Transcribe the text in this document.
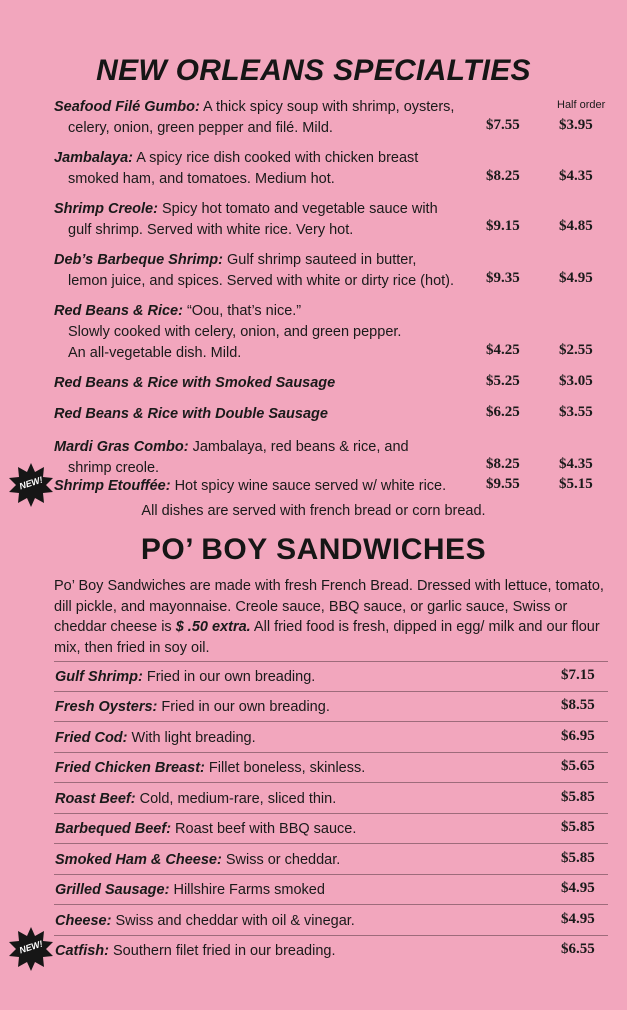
NEW ORLEANS SPECIALTIES
Half order
Seafood Filé Gumbo: A thick spicy soup with shrimp, oysters,
celery, onion, green pepper and filé. Mild.	$7.55	$3.95
Jambalaya: A spicy rice dish cooked with chicken breast
smoked ham, and tomatoes. Medium hot.	$8.25	$4.35
Shrimp Creole: Spicy hot tomato and vegetable sauce with
gulf shrimp. Served with white rice. Very hot.	$9.15	$4.85
Deb’s Barbeque Shrimp: Gulf shrimp sauteed in butter,
lemon juice, and spices. Served with white or dirty rice (hot).	$9.35	$4.95
Red Beans & Rice: “Oou, that’s nice.”
Slowly cooked with celery, onion, and green pepper.
An all-vegetable dish. Mild.	$4.25	$2.55
Red Beans & Rice with Smoked Sausage	$5.25	$3.05
Red Beans & Rice with Double Sausage	$6.25	$3.55
Mardi Gras Combo: Jambalaya, red beans & rice, and
shrimp creole.	$8.25	$4.35
Shrimp Etouffée: Hot spicy wine sauce served w/ white rice.	$9.55	$5.15
NEW!
All dishes are served with french bread or corn bread.
PO’ BOY SANDWICHES
Po’ Boy Sandwiches are made with fresh French Bread. Dressed with lettuce, tomato, dill pickle, and mayonnaise. Creole sauce, BBQ sauce, or garlic sauce, Swiss or cheddar cheese is $ .50 extra. All fried food is fresh, dipped in egg/ milk and our flour mix, then fried in soy oil.
Gulf Shrimp: Fried in our own breading.	$7.15
Fresh Oysters: Fried in our own breading.	$8.55
Fried Cod: With light breading.	$6.95
Fried Chicken Breast: Fillet boneless, skinless.	$5.65
Roast Beef: Cold, medium-rare, sliced thin.	$5.85
Barbequed Beef: Roast beef with BBQ sauce.	$5.85
Smoked Ham & Cheese: Swiss or cheddar.	$5.85
Grilled Sausage: Hillshire Farms smoked	$4.95
Cheese: Swiss and cheddar with oil & vinegar.	$4.95
Catfish: Southern filet fried in our breading.	$6.55
NEW!
